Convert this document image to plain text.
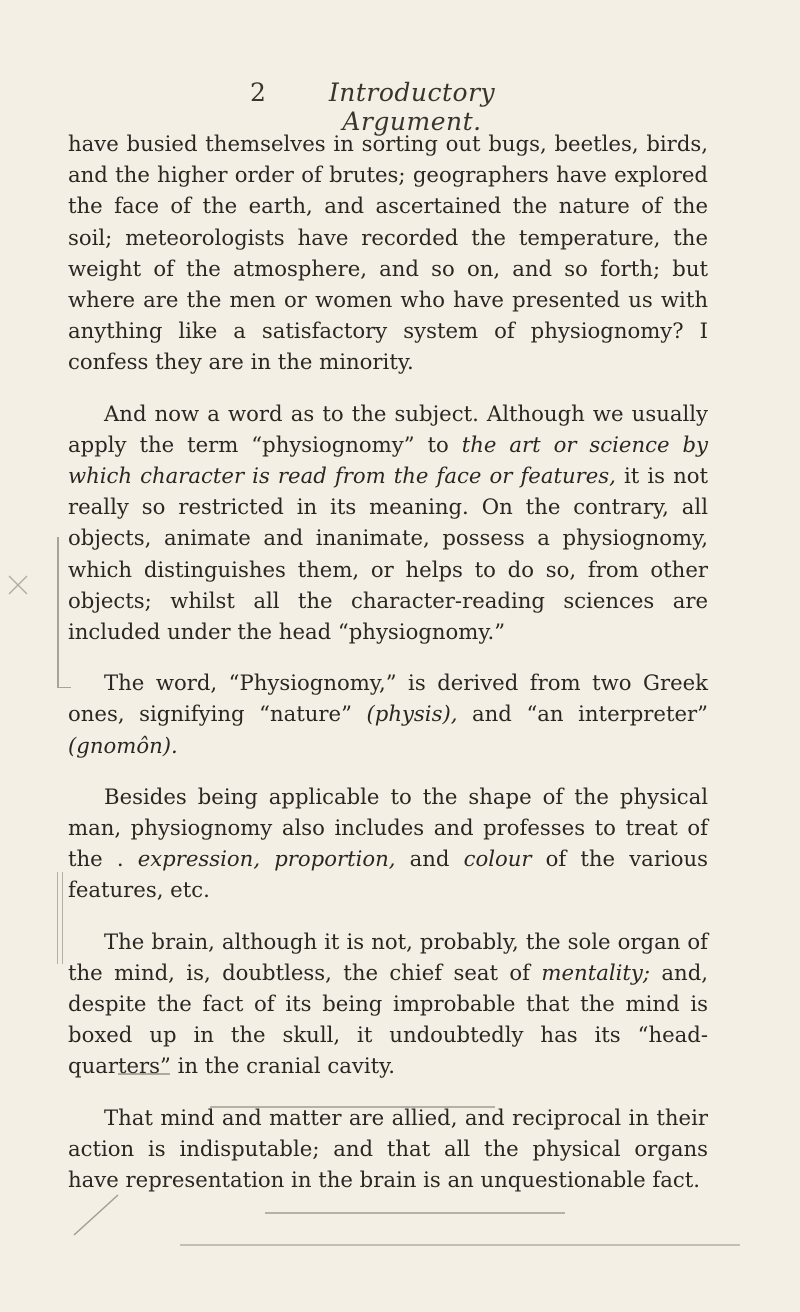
2	Introductory Argument.

have busied themselves in sorting out bugs, beetles, birds, and the higher order of brutes; geographers have explored the face of the earth, and ascertained the nature of the soil; meteorologists have recorded the temperature, the weight of the atmosphere, and so on, and so forth; but where are the men or women who have presented us with anything like a satisfactory system of physiognomy? I confess they are in the minority.

And now a word as to the subject. Although we usually apply the term “physiognomy” to the art or science by which character is read from the face or features, it is not really so restricted in its meaning. On the contrary, all objects, animate and inanimate, possess a physiognomy, which distinguishes them, or helps to do so, from other objects; whilst all the character-reading sciences are included under the head “physiognomy.”

The word, “Physiognomy,” is derived from two Greek ones, signifying “nature” (physis), and “an interpreter” (gnomôn).

Besides being applicable to the shape of the physical man, physiognomy also includes and professes to treat of the . expression, proportion, and colour of the various features, etc.

The brain, although it is not, probably, the sole organ of the mind, is, doubtless, the chief seat of mentality; and, despite the fact of its being improbable that the mind is boxed up in the skull, it undoubtedly has its “head-quarters” in the cranial cavity.

That mind and matter are allied, and reciprocal in their action is indisputable; and that all the physical organs have representation in the brain is an unquestionable fact.
